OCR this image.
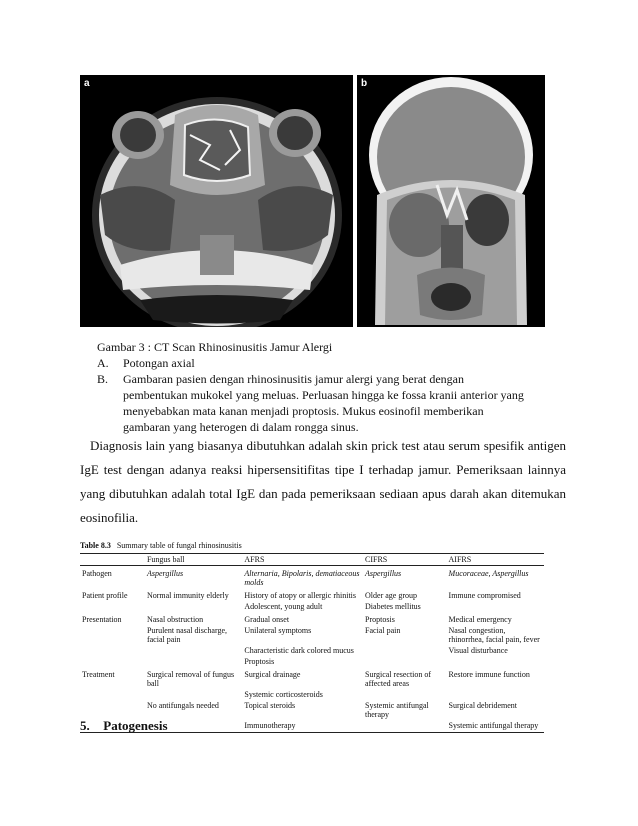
a	b

Gambar 3 : CT Scan Rhinosinusitis Jamur Alergi

A.	Potongan axial
B.	Gambaran pasien dengan rhinosinusitis jamur alergi yang berat dengan pembentukan mukokel yang meluas. Perluasan hingga ke fossa kranii anterior yang menyebabkan mata kanan menjadi proptosis. Mukus eosinofil memberikan gambaran yang heterogen di dalam rongga sinus.

Diagnosis lain yang biasanya dibutuhkan adalah skin prick test atau serum spesifik antigen IgE test dengan adanya reaksi hipersensitifitas tipe I terhadap jamur. Pemeriksaan lainnya yang dibutuhkan adalah total IgE dan pada pemeriksaan sediaan apus darah akan ditemukan eosinofilia.

Table 8.3 Summary table of fungal rhinosinusitis

	Fungus ball	AFRS	CIFRS	AIFRS
Pathogen	Aspergillus	Alternaria, Bipolaris, dematiaceous molds	Aspergillus	Mucoraceae, Aspergillus
Patient profile	Normal immunity elderly	History of atopy or allergic rhinitis	Older age group	Immune compromised
		Adolescent, young adult	Diabetes mellitus	
Presentation	Nasal obstruction	Gradual onset	Proptosis	Medical emergency
	Purulent nasal discharge, facial pain	Unilateral symptoms	Facial pain	Nasal congestion, rhinorrhea, facial pain, fever
		Characteristic dark colored mucus		Visual disturbance
		Proptosis		
Treatment	Surgical removal of fungus ball	Surgical drainage	Surgical resection of affected areas	Restore immune function
		Systemic corticosteroids		
	No antifungals needed	Topical steroids	Systemic antifungal therapy	Surgical debridement
		Immunotherapy		Systemic antifungal therapy
5. Patogenesis
